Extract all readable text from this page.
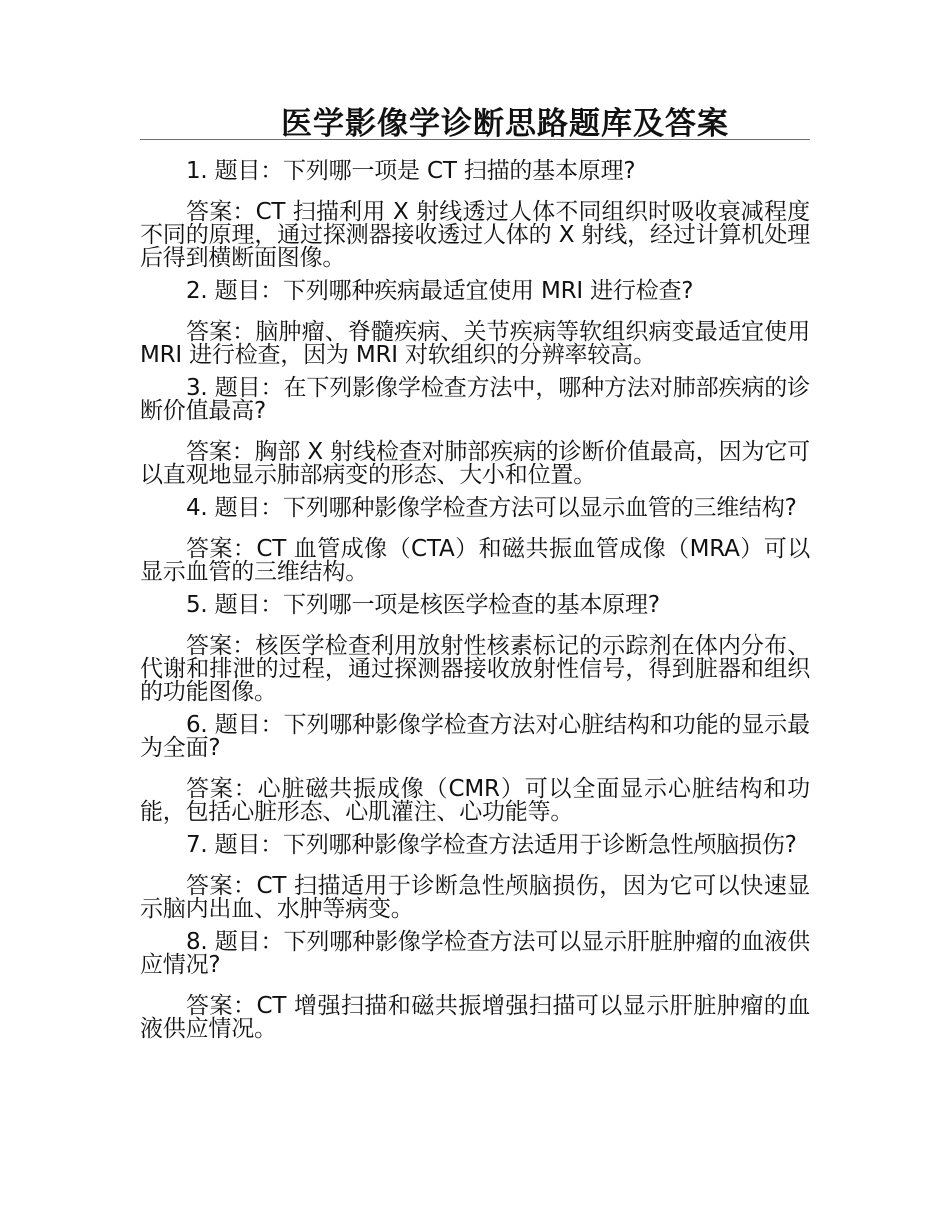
医学影像学诊断思路题库及答案

1. 题目：下列哪一项是 CT 扫描的基本原理?

答案：CT 扫描利用 X 射线透过人体不同组织时吸收衰减程度不同的原理，通过探测器接收透过人体的 X 射线，经过计算机处理后得到横断面图像。

2. 题目：下列哪种疾病最适宜使用 MRI 进行检查?

答案：脑肿瘤、脊髓疾病、关节疾病等软组织病变最适宜使用 MRI 进行检查，因为 MRI 对软组织的分辨率较高。

3. 题目：在下列影像学检查方法中，哪种方法对肺部疾病的诊断价值最高?

答案：胸部 X 射线检查对肺部疾病的诊断价值最高，因为它可以直观地显示肺部病变的形态、大小和位置。

4. 题目：下列哪种影像学检查方法可以显示血管的三维结构?

答案：CT 血管成像（CTA）和磁共振血管成像（MRA）可以显示血管的三维结构。

5. 题目：下列哪一项是核医学检查的基本原理?

答案：核医学检查利用放射性核素标记的示踪剂在体内分布、代谢和排泄的过程，通过探测器接收放射性信号，得到脏器和组织的功能图像。

6. 题目：下列哪种影像学检查方法对心脏结构和功能的显示最为全面?

答案：心脏磁共振成像（CMR）可以全面显示心脏结构和功能，包括心脏形态、心肌灌注、心功能等。

7. 题目：下列哪种影像学检查方法适用于诊断急性颅脑损伤?

答案：CT 扫描适用于诊断急性颅脑损伤，因为它可以快速显示脑内出血、水肿等病变。

8. 题目：下列哪种影像学检查方法可以显示肝脏肿瘤的血液供应情况?

答案：CT 增强扫描和磁共振增强扫描可以显示肝脏肿瘤的血液供应情况。
